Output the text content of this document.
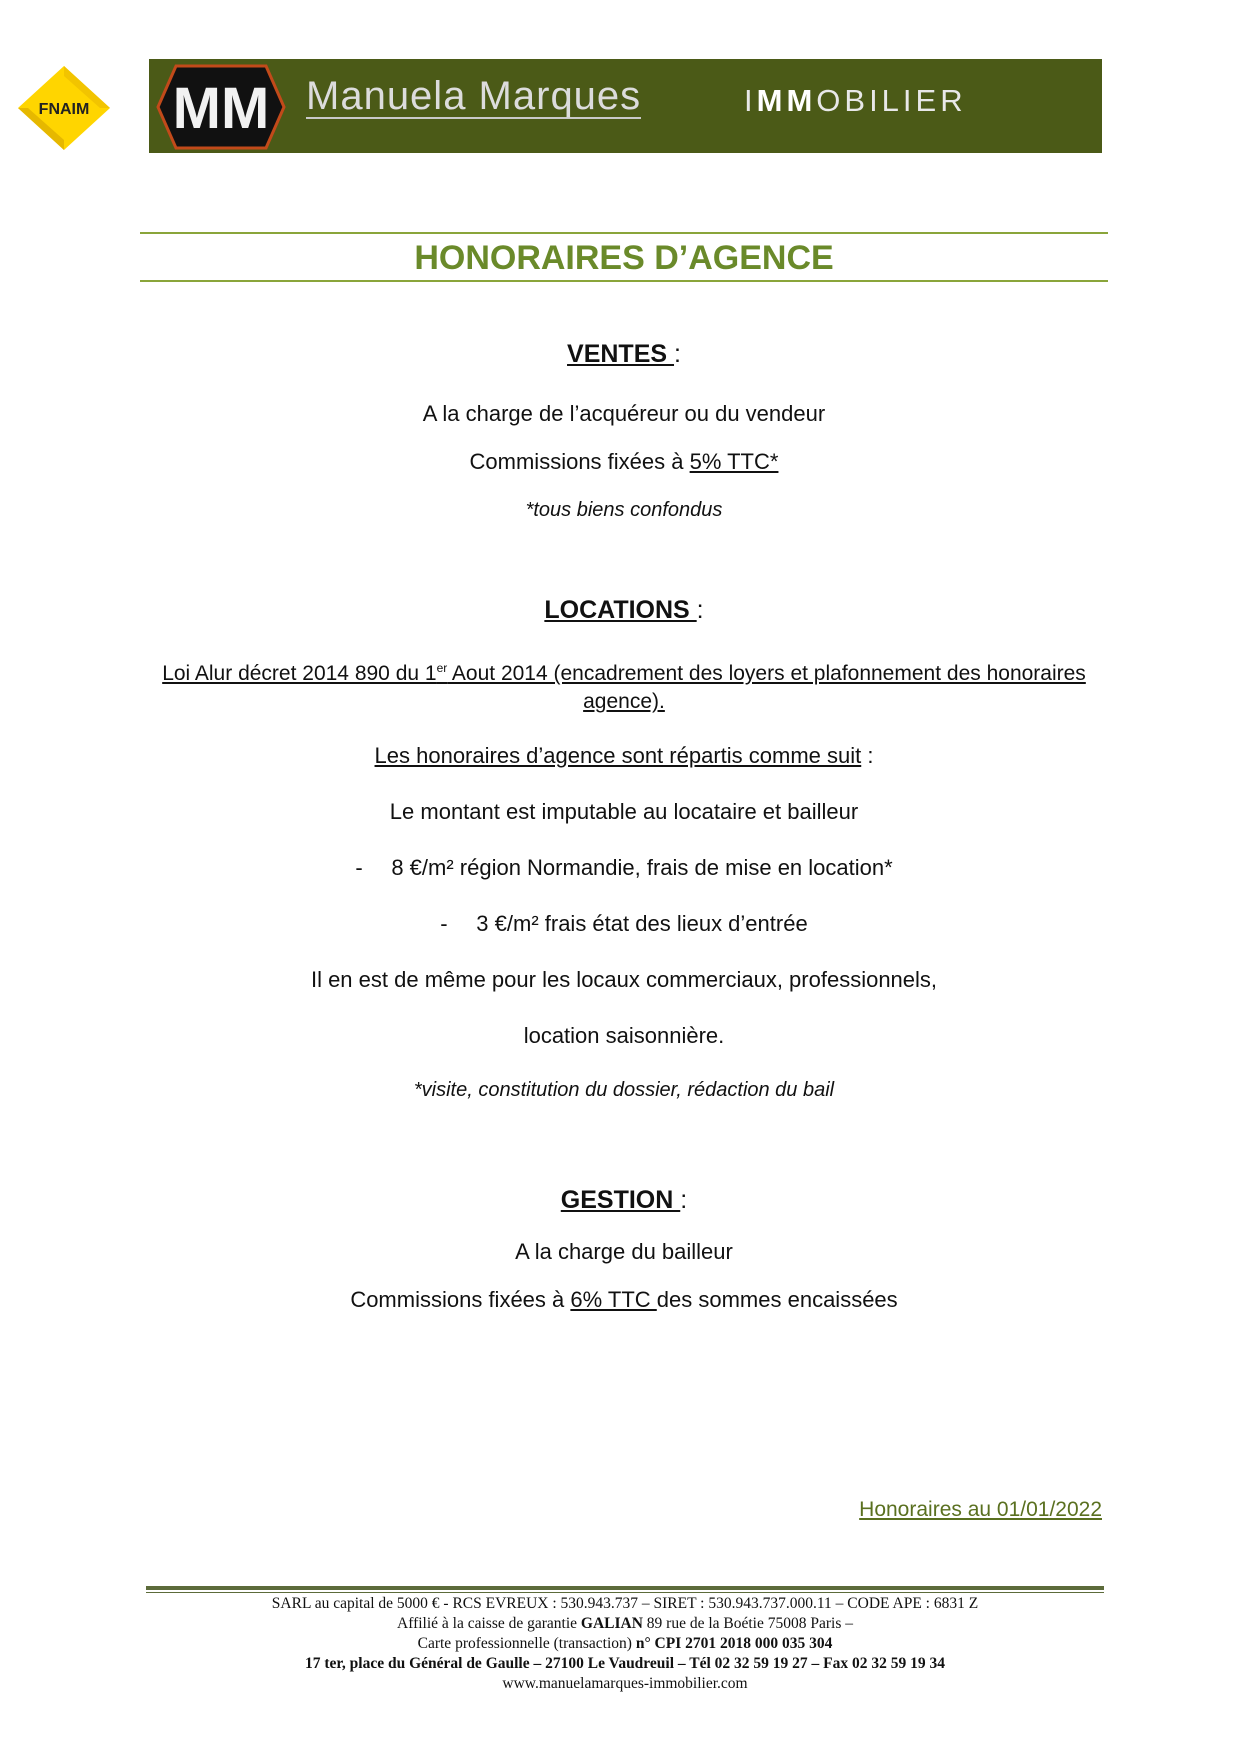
FNAIM MM Manuela Marques	IMMOBILIER
HONORAIRES D’AGENCE
VENTES :
A la charge de l’acquéreur ou du vendeur
Commissions fixées à 5% TTC*
*tous biens confondus
LOCATIONS :
Loi Alur décret 2014 890 du 1er Aout 2014 (encadrement des loyers et plafonnement des honoraires
agence).
Les honoraires d’agence sont répartis comme suit :
Le montant est imputable au locataire et bailleur
- 8 €/m² région Normandie, frais de mise en location*
- 3 €/m² frais état des lieux d’entrée
Il en est de même pour les locaux commerciaux, professionnels,
location saisonnière.
*visite, constitution du dossier, rédaction du bail
GESTION :
A la charge du bailleur
Commissions fixées à 6% TTC des sommes encaissées
Honoraires au 01/01/2022
SARL au capital de 5000 € - RCS EVREUX : 530.943.737 – SIRET : 530.943.737.000.11 – CODE APE : 6831 Z
Affilié à la caisse de garantie GALIAN 89 rue de la Boétie 75008 Paris –
Carte professionnelle (transaction) n° CPI 2701 2018 000 035 304
17 ter, place du Général de Gaulle – 27100 Le Vaudreuil – Tél 02 32 59 19 27 – Fax 02 32 59 19 34
www.manuelamarques-immobilier.com
